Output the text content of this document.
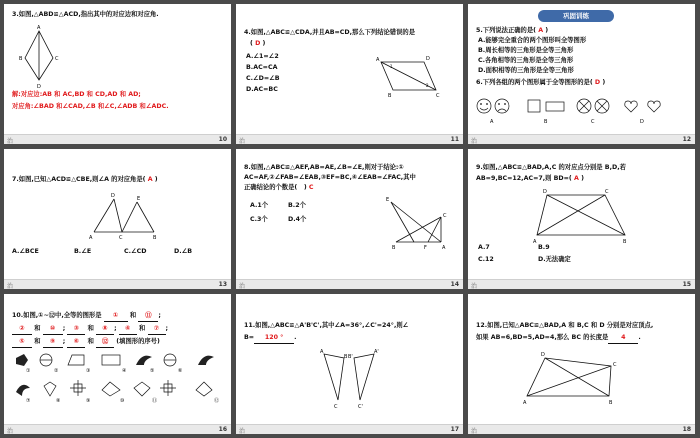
3.如图,△ABD≌△ACD,指出其中的对应边和对应角.
A
B
D
C
解:对应边:AB 和 AC,BD 和 CD,AD 和 AD;
对应角:∠BAD 和∠CAD,∠B 和∠C,∠ADB 和∠ADC.
治	10
4.如图,△ABC≌△CDA,并且AB=CD,那么下列结论错误的是
( D )
A.∠1=∠2
B.AC=CA
C.∠D=∠B
D.AC=BC
A	D
B	C
1
2
治	11
巩固训练
5.下列说法正确的是( A )
A.能够完全重合的两个图形叫全等图形
B.周长相等的三角形是全等三角形
C.各角相等的三角形是全等三角形
D.面积相等的三角形是全等三角形
6.下列各组的两个图形属于全等图形的是( D )
A	B	C	D
治	12
7.如图,已知△ACD≌△CBE,则∠A 的对应角是( A )
D
A
E
B
C
A.∠BCE	B.∠E	C.∠CD	D.∠B
治	13
8.如图,△ABC≌△AEF,AB=AE,∠B=∠E,则对于结论:①
AC=AF,②∠FAB=∠EAB,③EF=BC,④∠EAB=∠FAC,其中
正确结论的个数是(   ) C
A.1个	B.2个
C.3个	D.4个
E
C
B	F	A
治	14
9.如图,△ABC≌△BAD,A,C 的对应点分别是 B,D,若
AB=9,BC=12,AC=7,则 BD=( A )
D	C
A	B
A.7	B.9
C.12	D.无法确定
治	15
10.如图,①~⑫中,全等的图形是 ① 和 ⑪ ;
② 和 ⑩ ; ③ 和 ⑧ ; ④ 和 ⑦ ;
⑤ 和 ⑨ ; ⑥ 和 ⑫ (填图形的序号)
①	②	③	④	⑤	⑥
⑦	⑧	⑨	⑩	⑪	⑫
治	16
11.如图,△ABC≌△A'B'C',其中∠A=36°,∠C'=24°,则∠
B= 120 ° .
A	A'
B B'
C	C'
治	17
12.如图,已知△ABC≌△BAD,A 和 B,C 和 D 分别是对应顶点,
如果 AB=6,BD=5,AD=4,那么 BC 的长度是 4 .
D
C
A	B
治	18
